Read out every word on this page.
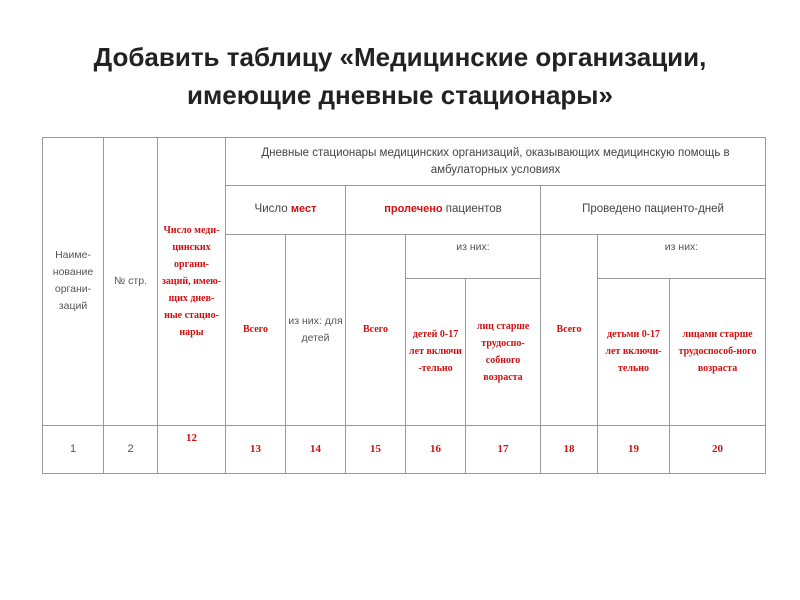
Добавить таблицу «Медицинские организации,
имеющие дневные стационары»
Наиме-нование органи-заций	№ стр.	Число меди-цинских органи-заций, имею-щих днев-ные стацио-нары	Дневные стационары медицинских организаций, оказывающих медицинскую помощь в амбулаторных условиях							
			Число мест		пролечено пациентов			Проведено пациенто-дней		
			Всего	из них: для детей	Всего	из них:		Всего	из них:	
						детей 0-17 лет включи -тельно	лиц старше трудоспо-собного возраста		детьми 0-17 лет включи-тельно	лицами старше трудоспособ-ного возраста
1	2	12	13	14	15	16	17	18	19	20
